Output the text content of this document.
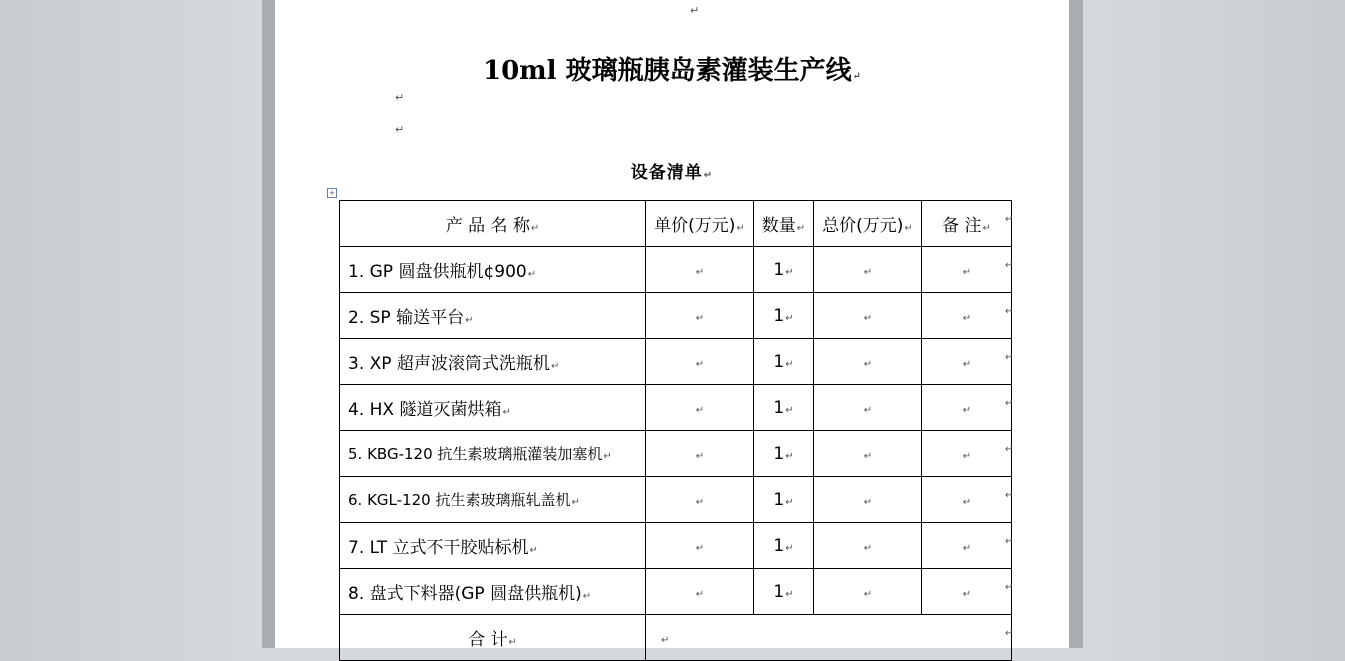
↵
10ml 玻璃瓶胰岛素灌装生产线↵
↵
↵
设备清单↵
+
产 品 名 称↵	单价(万元)↵	数量↵	总价(万元)↵	备 注↵
1. GP 圆盘供瓶机¢900↵	↵	1↵	↵	↵
2. SP 输送平台↵	↵	1↵	↵	↵
3. XP 超声波滚筒式洗瓶机↵	↵	1↵	↵	↵
4. HX 隧道灭菌烘箱↵	↵	1↵	↵	↵
5. KBG-120 抗生素玻璃瓶灌装加塞机↵	↵	1↵	↵	↵
6. KGL-120 抗生素玻璃瓶轧盖机↵	↵	1↵	↵	↵
7. LT 立式不干胶贴标机↵	↵	1↵	↵	↵
8. 盘式下料器(GP 圆盘供瓶机)↵	↵	1↵	↵	↵
合 计↵	↵			
↵
↵
↵
↵
↵
↵
↵
↵
↵
↵
